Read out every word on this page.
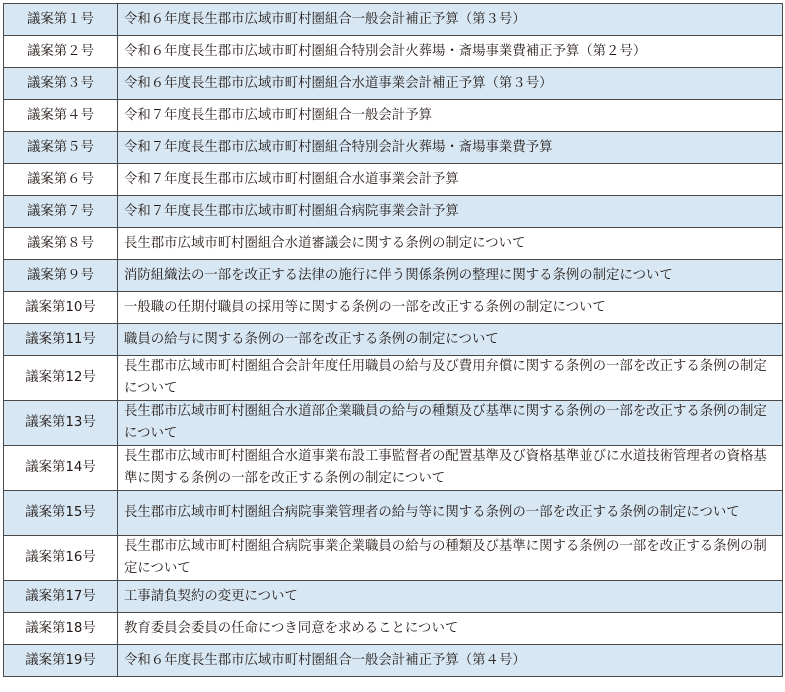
議案第１号	令和６年度長生郡市広域市町村圏組合一般会計補正予算（第３号）
議案第２号	令和６年度長生郡市広域市町村圏組合特別会計火葬場・斎場事業費補正予算（第２号）
議案第３号	令和６年度長生郡市広域市町村圏組合水道事業会計補正予算（第３号）
議案第４号	令和７年度長生郡市広域市町村圏組合一般会計予算
議案第５号	令和７年度長生郡市広域市町村圏組合特別会計火葬場・斎場事業費予算
議案第６号	令和７年度長生郡市広域市町村圏組合水道事業会計予算
議案第７号	令和７年度長生郡市広域市町村圏組合病院事業会計予算
議案第８号	長生郡市広域市町村圏組合水道審議会に関する条例の制定について
議案第９号	消防組織法の一部を改正する法律の施行に伴う関係条例の整理に関する条例の制定について
議案第10号	一般職の任期付職員の採用等に関する条例の一部を改正する条例の制定について
議案第11号	職員の給与に関する条例の一部を改正する条例の制定について
議案第12号	長生郡市広域市町村圏組合会計年度任用職員の給与及び費用弁償に関する条例の一部を改正する条例の制定について
議案第13号	長生郡市広域市町村圏組合水道部企業職員の給与の種類及び基準に関する条例の一部を改正する条例の制定について
議案第14号	長生郡市広域市町村圏組合水道事業布設工事監督者の配置基準及び資格基準並びに水道技術管理者の資格基準に関する条例の一部を改正する条例の制定について
議案第15号	長生郡市広域市町村圏組合病院事業管理者の給与等に関する条例の一部を改正する条例の制定について
議案第16号	長生郡市広域市町村圏組合病院事業企業職員の給与の種類及び基準に関する条例の一部を改正する条例の制定について
議案第17号	工事請負契約の変更について
議案第18号	教育委員会委員の任命につき同意を求めることについて
議案第19号	令和６年度長生郡市広域市町村圏組合一般会計補正予算（第４号）
